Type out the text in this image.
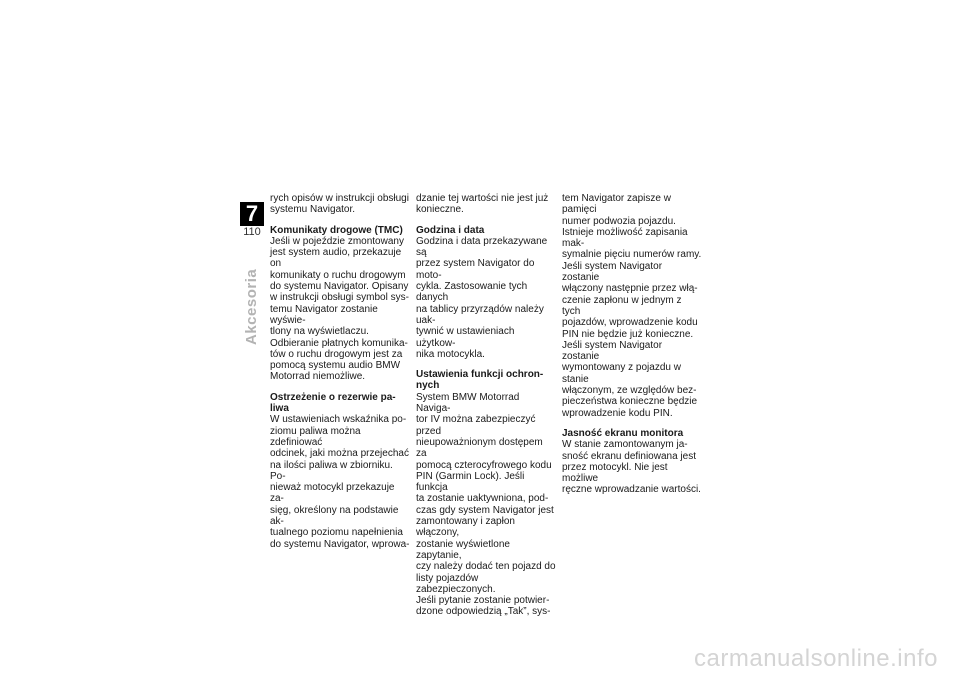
7
110
Akcesoria

rych opisów w instrukcji obsługi
systemu Navigator.

Komunikaty drogowe (TMC)

Jeśli w pojeździe zmontowany
jest system audio, przekazuje on
komunikaty o ruchu drogowym
do systemu Navigator. Opisany
w instrukcji obsługi symbol sys-
temu Navigator zostanie wyświe-
tlony na wyświetlaczu.
Odbieranie płatnych komunika-
tów o ruchu drogowym jest za
pomocą systemu audio BMW
Motorrad niemożliwe.

Ostrzeżenie o rezerwie pa-
liwa

W ustawieniach wskaźnika po-
ziomu paliwa można zdefiniować
odcinek, jaki można przejechać
na ilości paliwa w zbiorniku. Po-
nieważ motocykl przekazuje za-
sięg, określony na podstawie ak-
tualnego poziomu napełnienia
do systemu Navigator, wprowa-

dzanie tej wartości nie jest już
konieczne.

Godzina i data

Godzina i data przekazywane są
przez system Navigator do moto-
cykla. Zastosowanie tych danych
na tablicy przyrządów należy uak-
tywnić w ustawieniach użytkow-
nika motocykla.

Ustawienia funkcji ochron-
nych

System BMW Motorrad Naviga-
tor IV można zabezpieczyć przed
nieupoważnionym dostępem za
pomocą czterocyfrowego kodu
PIN (Garmin Lock). Jeśli funkcja
ta zostanie uaktywniona, pod-
czas gdy system Navigator jest
zamontowany i zapłon włączony,
zostanie wyświetlone zapytanie,
czy należy dodać ten pojazd do
listy pojazdów zabezpieczonych.
Jeśli pytanie zostanie potwier-
dzone odpowiedzią „Tak”, sys-

tem Navigator zapisze w pamięci
numer podwozia pojazdu.
Istnieje możliwość zapisania mak-
symalnie pięciu numerów ramy.
Jeśli system Navigator zostanie
włączony następnie przez włą-
czenie zapłonu w jednym z tych
pojazdów, wprowadzenie kodu
PIN nie będzie już konieczne.
Jeśli system Navigator zostanie
wymontowany z pojazdu w stanie
włączonym, ze względów bez-
pieczeństwa konieczne będzie
wprowadzenie kodu PIN.

Jasność ekranu monitora

W stanie zamontowanym ja-
sność ekranu definiowana jest
przez motocykl. Nie jest możliwe
ręczne wprowadzanie wartości.

carmanualsonline.info
